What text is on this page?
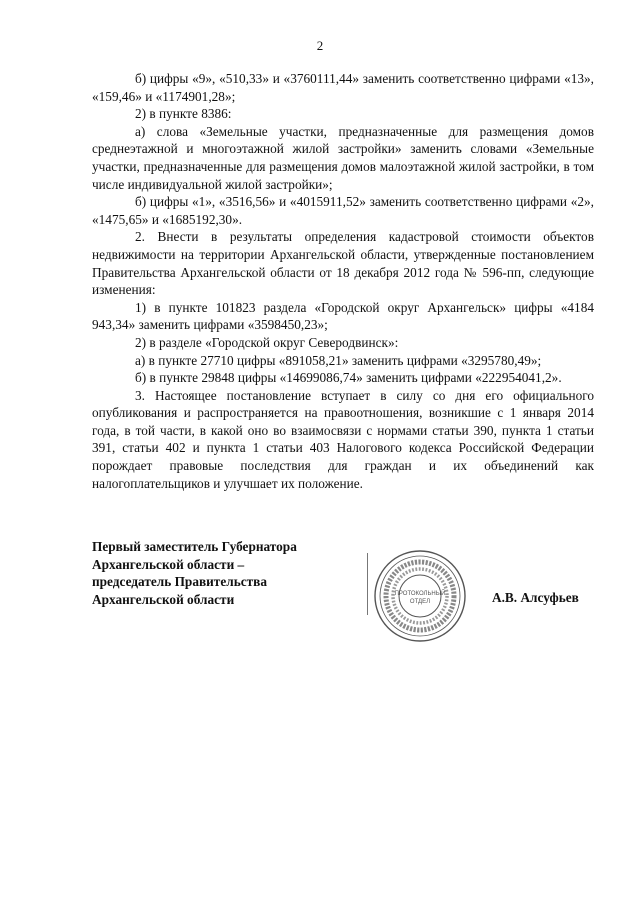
2

б) цифры «9», «510,33» и «3760111,44» заменить соответственно цифрами «13», «159,46» и «1174901,28»;

2) в пункте 8386:

а) слова «Земельные участки, предназначенные для размещения домов среднеэтажной и многоэтажной жилой застройки» заменить словами «Земельные участки, предназначенные для размещения домов малоэтажной жилой застройки, в том числе индивидуальной жилой застройки»;

б) цифры «1», «3516,56» и «4015911,52» заменить соответственно цифрами «2», «1475,65» и «1685192,30».

2. Внести в результаты определения кадастровой стоимости объектов недвижимости на территории Архангельской области, утвержденные постановлением Правительства Архангельской области от 18 декабря 2012 года № 596-пп, следующие изменения:

1) в пункте 101823 раздела «Городской округ Архангельск» цифры «4184 943,34» заменить цифрами «3598450,23»;

2) в разделе «Городской округ Северодвинск»:

а) в пункте 27710 цифры «891058,21» заменить цифрами «3295780,49»;

б) в пункте 29848 цифры «14699086,74» заменить цифрами «222954041,2».

3. Настоящее постановление вступает в силу со дня его официального опубликования и распространяется на правоотношения, возникшие с 1 января 2014 года, в той части, в какой оно во взаимосвязи с нормами статьи 390, пункта 1 статьи 391, статьи 402 и пункта 1 статьи 403 Налогового кодекса Российской Федерации порождает правовые последствия для граждан и их объединений как налогоплательщиков и улучшает их положение.

Первый заместитель Губернатора
Архангельской области –
председатель Правительства
Архангельской области	ПРОТОКОЛЬНЫЙ
ОТДЕЛ	А.В. Алсуфьев
